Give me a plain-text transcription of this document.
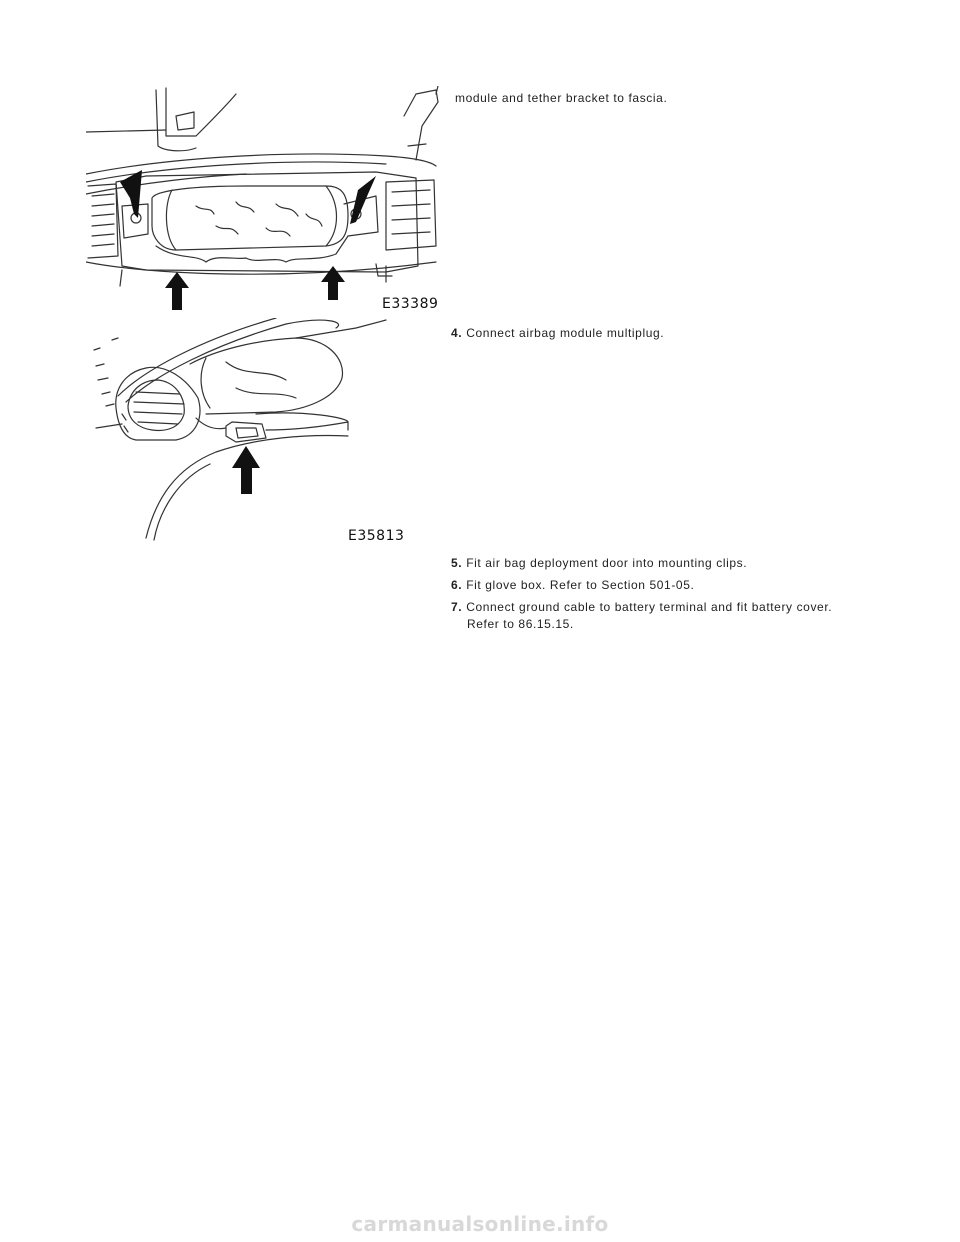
E33389
module and tether bracket to fascia.
4. Connect airbag module multiplug.
E35813
5. Fit air bag deployment door into mounting clips.
6. Fit glove box. Refer to Section 501-05.
7. Connect ground cable to battery terminal and fit battery cover.
Refer to 86.15.15.
carmanualsonline.info
